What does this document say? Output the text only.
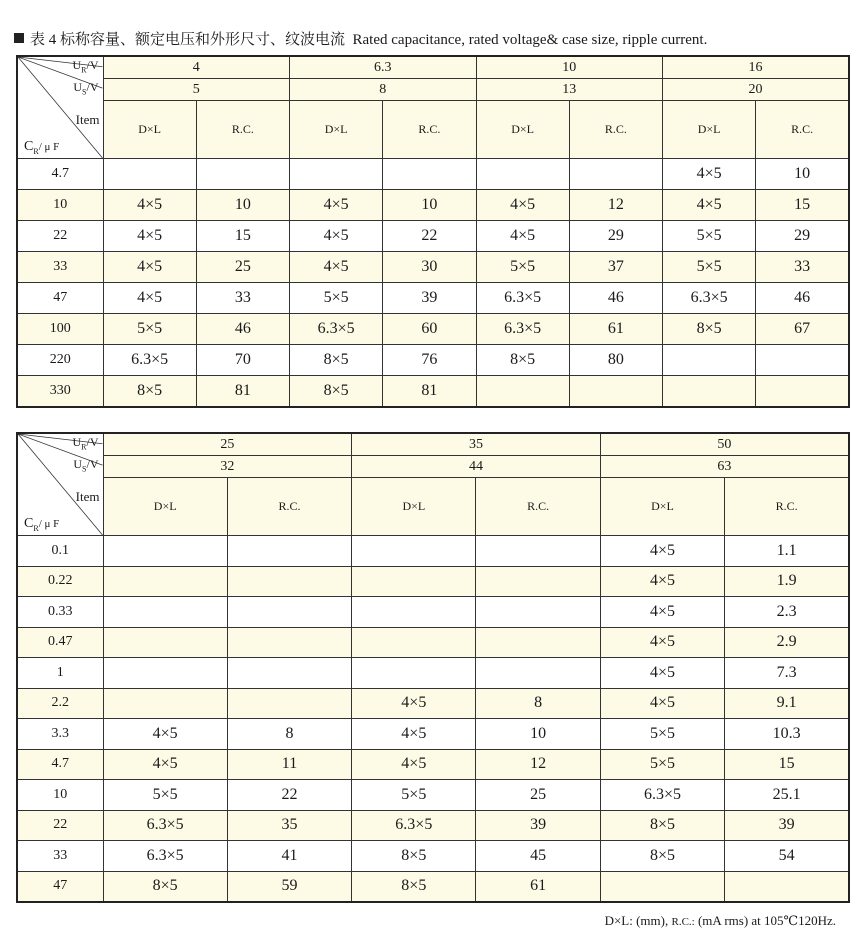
表 4 标称容量、额定电压和外形尺寸、纹波电流 Rated capacitance, rated voltage& case size, ripple current.
$U_R/V$
$U_S/V$
Item
$C_R/$ μ F	4		6.3		10		16	
	5		8		13		20	
	D×L	R.C.	D×L	R.C.	D×L	R.C.	D×L	R.C.
4.7							4×5	10
10	4×5	10	4×5	10	4×5	12	4×5	15
22	4×5	15	4×5	22	4×5	29	5×5	29
33	4×5	25	4×5	30	5×5	37	5×5	33
47	4×5	33	5×5	39	6.3×5	46	6.3×5	46
100	5×5	46	6.3×5	60	6.3×5	61	8×5	67
220	6.3×5	70	8×5	76	8×5	80		
330	8×5	81	8×5	81				
$U_R/V$
$U_S/V$
Item
$C_R/$ μ F	25		35		50	
	32		44		63	
	D×L	R.C.	D×L	R.C.	D×L	R.C.
0.1					4×5	1.1
0.22					4×5	1.9
0.33					4×5	2.3
0.47					4×5	2.9
1					4×5	7.3
2.2			4×5	8	4×5	9.1
3.3	4×5	8	4×5	10	5×5	10.3
4.7	4×5	11	4×5	12	5×5	15
10	5×5	22	5×5	25	6.3×5	25.1
22	6.3×5	35	6.3×5	39	8×5	39
33	6.3×5	41	8×5	45	8×5	54
47	8×5	59	8×5	61		
D×L: (mm), R.C.: (mA rms) at 105℃120Hz.
